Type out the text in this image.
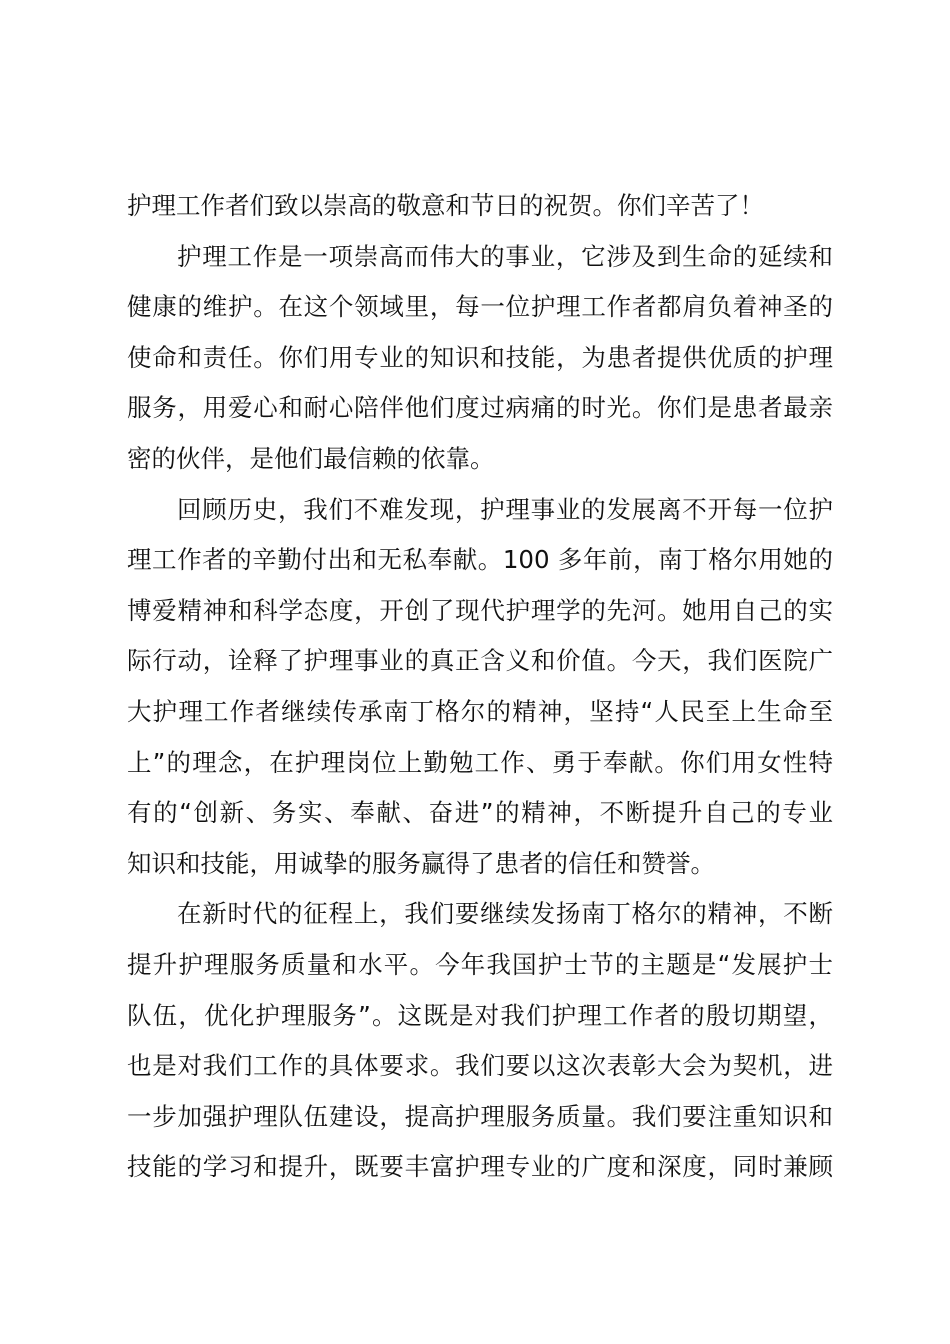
护理工作者们致以崇高的敬意和节日的祝贺。你们辛苦了！
护理工作是一项崇高而伟大的事业，它涉及到生命的延续和
健康的维护。在这个领域里，每一位护理工作者都肩负着神圣的
使命和责任。你们用专业的知识和技能，为患者提供优质的护理
服务，用爱心和耐心陪伴他们度过病痛的时光。你们是患者最亲
密的伙伴，是他们最信赖的依靠。
回顾历史，我们不难发现，护理事业的发展离不开每一位护
理工作者的辛勤付出和无私奉献。100 多年前，南丁格尔用她的
博爱精神和科学态度，开创了现代护理学的先河。她用自己的实
际行动，诠释了护理事业的真正含义和价值。今天，我们医院广
大护理工作者继续传承南丁格尔的精神，坚持“人民至上生命至
上”的理念，在护理岗位上勤勉工作、勇于奉献。你们用女性特
有的“创新、务实、奉献、奋进”的精神，不断提升自己的专业
知识和技能，用诚挚的服务赢得了患者的信任和赞誉。
在新时代的征程上，我们要继续发扬南丁格尔的精神，不断
提升护理服务质量和水平。今年我国护士节的主题是“发展护士
队伍，优化护理服务”。这既是对我们护理工作者的殷切期望，
也是对我们工作的具体要求。我们要以这次表彰大会为契机，进
一步加强护理队伍建设，提高护理服务质量。我们要注重知识和
技能的学习和提升，既要丰富护理专业的广度和深度，同时兼顾
